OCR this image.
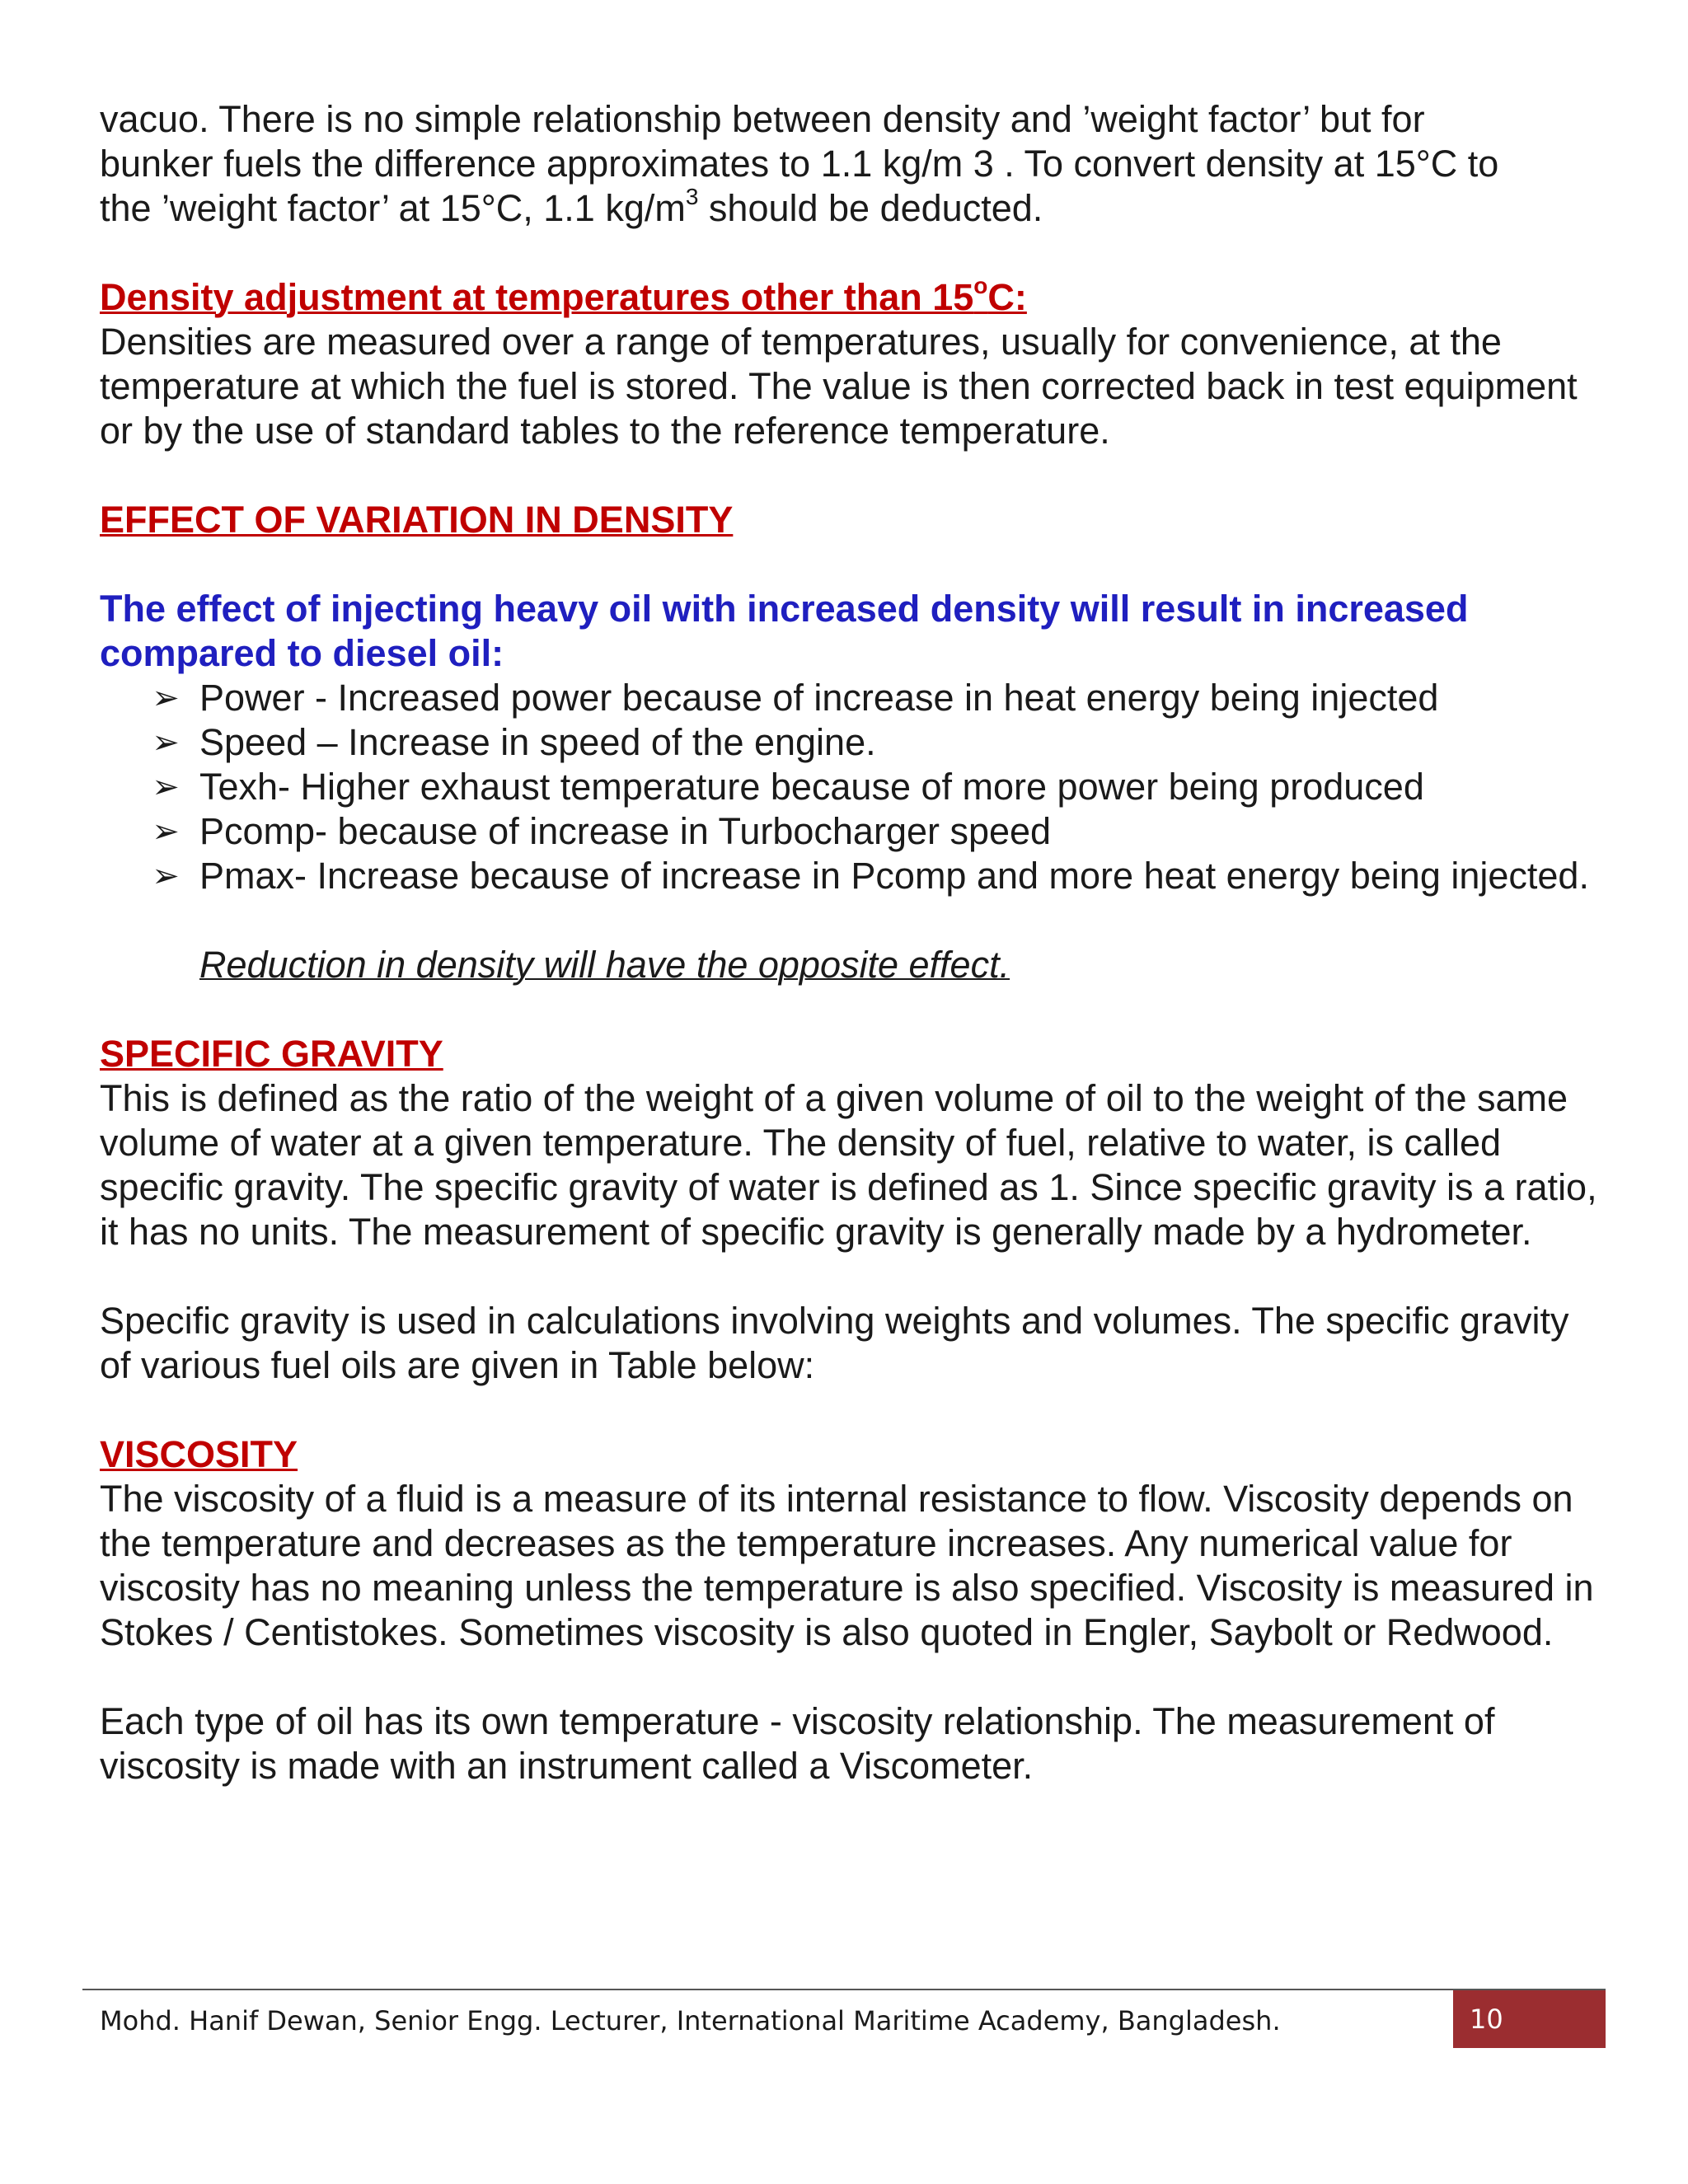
vacuo. There is no simple relationship between density and ’weight factor’ but for
bunker fuels the difference approximates to 1.1 kg/m 3 . To convert density at 15°C to
the ’weight factor’ at 15°C, 1.1 $kg/m^3$ should be deducted.

Density adjustment at temperatures other than 15$^o$C:

Densities are measured over a range of temperatures, usually for convenience, at the temperature at which the fuel is stored. The value is then corrected back in test equipment or by the use of standard tables to the reference temperature.

EFFECT OF VARIATION IN DENSITY

The effect of injecting heavy oil with increased density will result in increased compared to diesel oil:

➢ Power - Increased power because of increase in heat energy being injected
➢ Speed – Increase in speed of the engine.
➢ Texh- Higher exhaust temperature because of more power being produced
➢ Pcomp- because of increase in Turbocharger speed
➢ Pmax- Increase because of increase in Pcomp and more heat energy being injected.

Reduction in density will have the opposite effect.

SPECIFIC GRAVITY

This is defined as the ratio of the weight of a given volume of oil to the weight of the same volume of water at a given temperature. The density of fuel, relative to water, is called specific gravity. The specific gravity of water is defined as 1. Since specific gravity is a ratio, it has no units. The measurement of specific gravity is generally made by a hydrometer.

Specific gravity is used in calculations involving weights and volumes. The specific gravity of various fuel oils are given in Table below:

VISCOSITY

The viscosity of a fluid is a measure of its internal resistance to flow. Viscosity depends on the temperature and decreases as the temperature increases. Any numerical value for viscosity has no meaning unless the temperature is also specified. Viscosity is measured in Stokes / Centistokes. Sometimes viscosity is also quoted in Engler, Saybolt or Redwood.

Each type of oil has its own temperature - viscosity relationship. The measurement of viscosity is made with an instrument called a Viscometer.

Mohd. Hanif Dewan, Senior Engg. Lecturer, International Maritime Academy, Bangladesh.	10
